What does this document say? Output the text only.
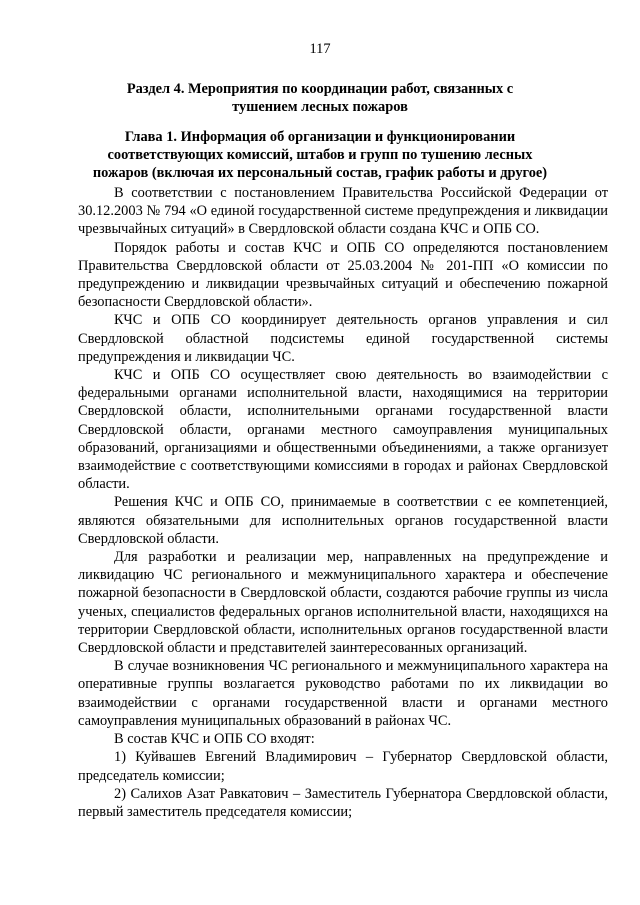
117
Раздел 4. Мероприятия по координации работ, связанных с тушением лесных пожаров
Глава 1. Информация об организации и функционировании соответствующих комиссий, штабов и групп по тушению лесных пожаров (включая их персональный состав, график работы и другое)

В соответствии с постановлением Правительства Российской Федерации от 30.12.2003 № 794 «О единой государственной системе предупреждения и ликвидации чрезвычайных ситуаций» в Свердловской области создана КЧС и ОПБ СО.

Порядок работы и состав КЧС и ОПБ СО определяются постановлением Правительства Свердловской области от 25.03.2004 № 201-ПП «О комиссии по предупреждению и ликвидации чрезвычайных ситуаций и обеспечению пожарной безопасности Свердловской области».

КЧС и ОПБ СО координирует деятельность органов управления и сил Свердловской областной подсистемы единой государственной системы предупреждения и ликвидации ЧС.

КЧС и ОПБ СО осуществляет свою деятельность во взаимодействии с федеральными органами исполнительной власти, находящимися на территории Свердловской области, исполнительными органами государственной власти Свердловской области, органами местного самоуправления муниципальных образований, организациями и общественными объединениями, а также организует взаимодействие с соответствующими комиссиями в городах и районах Свердловской области.

Решения КЧС и ОПБ СО, принимаемые в соответствии с ее компетенцией, являются обязательными для исполнительных органов государственной власти Свердловской области.

Для разработки и реализации мер, направленных на предупреждение и ликвидацию ЧС регионального и межмуниципального характера и обеспечение пожарной безопасности в Свердловской области, создаются рабочие группы из числа ученых, специалистов федеральных органов исполнительной власти, находящихся на территории Свердловской области, исполнительных органов государственной власти Свердловской области и представителей заинтересованных организаций.

В случае возникновения ЧС регионального и межмуниципального характера на оперативные группы возлагается руководство работами по их ликвидации во взаимодействии с органами государственной власти и органами местного самоуправления муниципальных образований в районах ЧС.

В состав КЧС и ОПБ СО входят:

1) Куйвашев Евгений Владимирович – Губернатор Свердловской области, председатель комиссии;

2) Салихов Азат Равкатович – Заместитель Губернатора Свердловской области, первый заместитель председателя комиссии;
